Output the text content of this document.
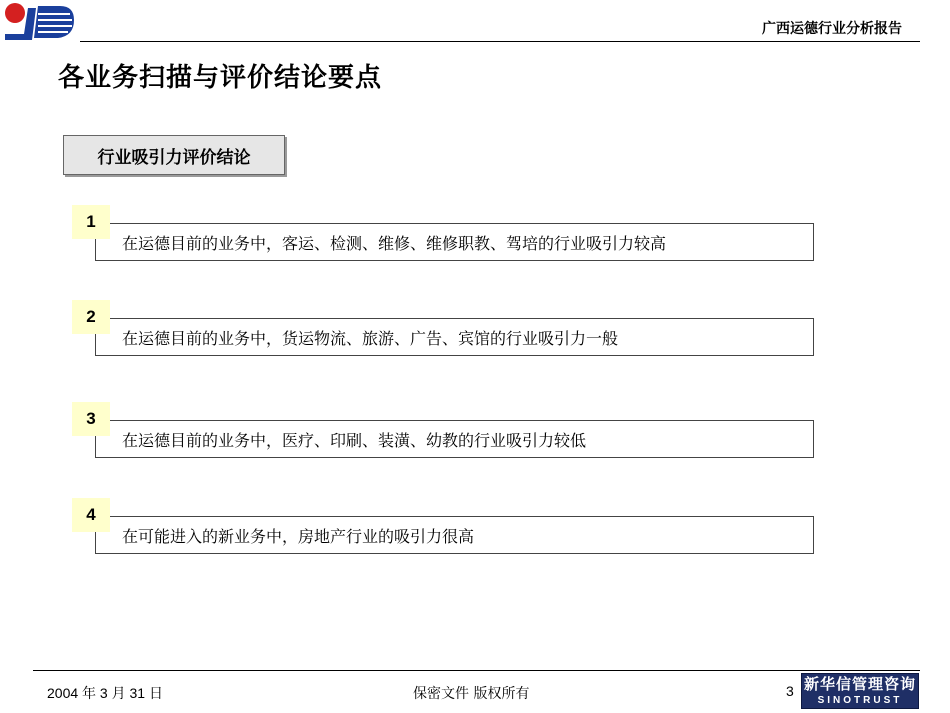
广西运德行业分析报告
各业务扫描与评价结论要点
行业吸引力评价结论
在运德目前的业务中，客运、检测、维修、维修职教、驾培的行业吸引力较高
1
在运德目前的业务中，货运物流、旅游、广告、宾馆的行业吸引力一般
2
在运德目前的业务中，医疗、印刷、装潢、幼教的行业吸引力较低
3
在可能进入的新业务中，房地产行业的吸引力很高
4
2004 年 3 月 31 日	保密文件 版权所有	3 新华信管理咨询
SINOTRUST
